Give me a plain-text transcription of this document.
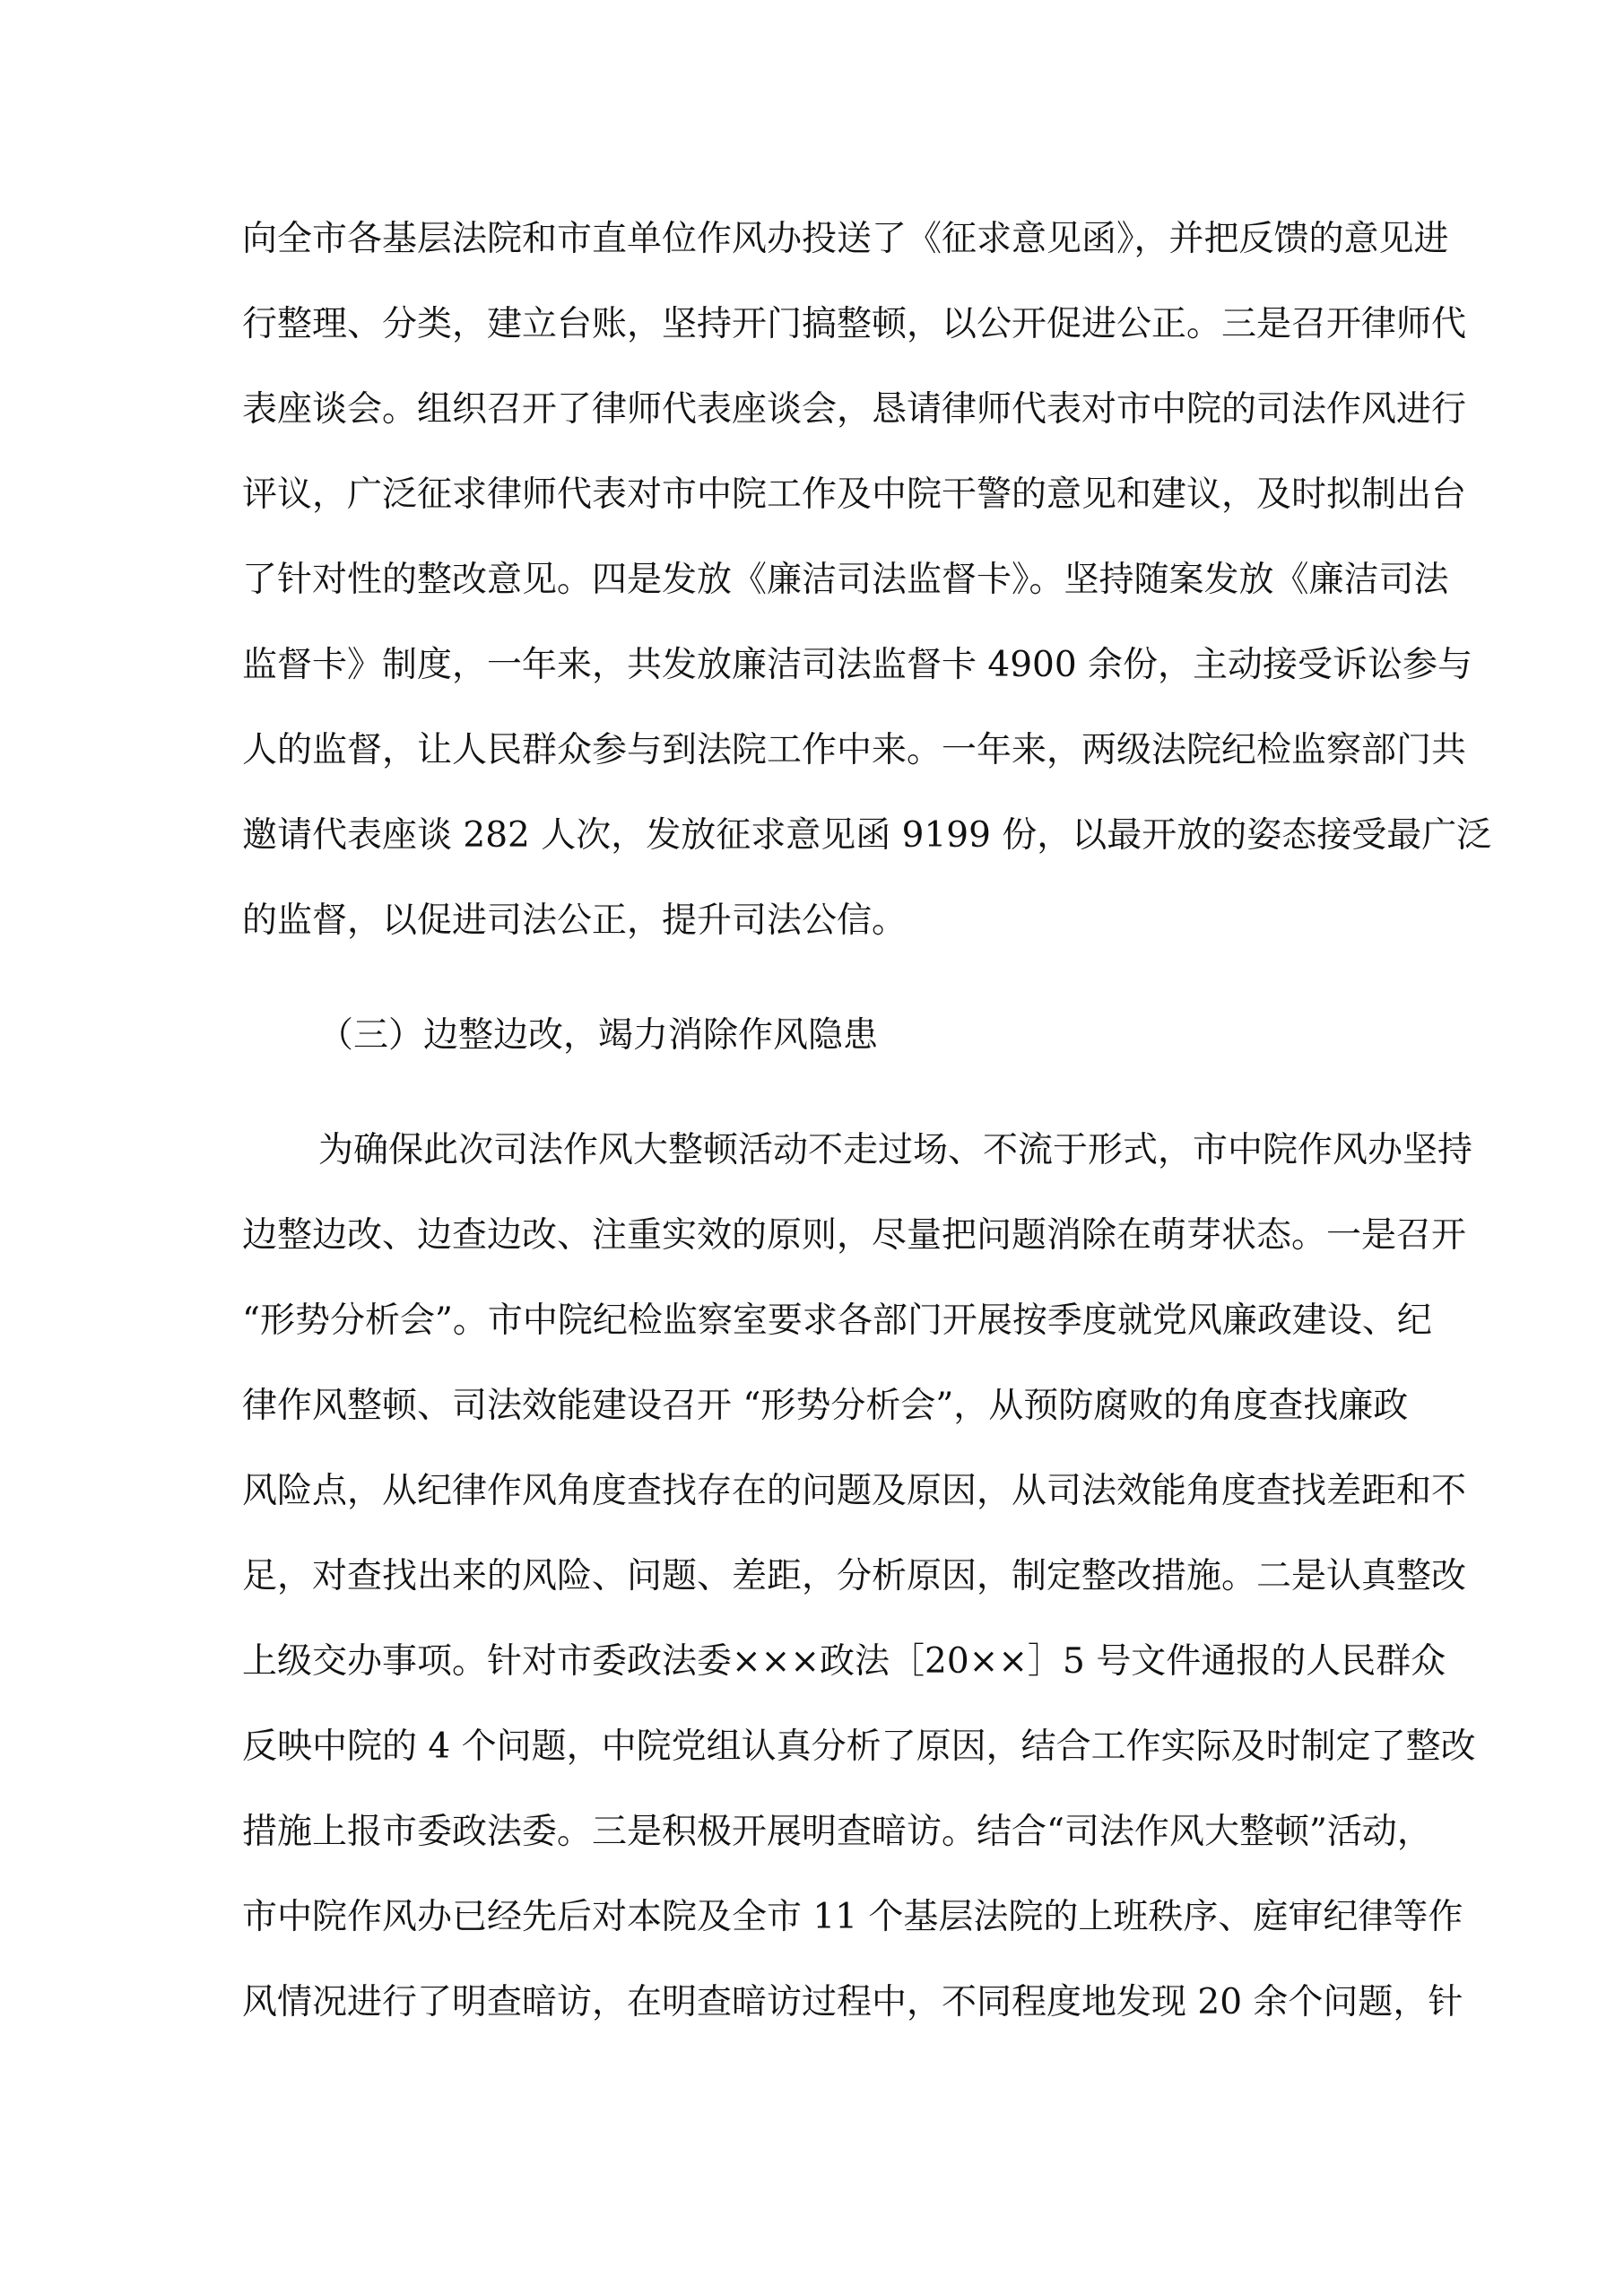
向全市各基层法院和市直单位作风办投送了《征求意见函》，并把反馈的意见进
行整理、分类，建立台账，坚持开门搞整顿，以公开促进公正。三是召开律师代
表座谈会。组织召开了律师代表座谈会，恳请律师代表对市中院的司法作风进行
评议，广泛征求律师代表对市中院工作及中院干警的意见和建议，及时拟制出台
了针对性的整改意见。四是发放《廉洁司法监督卡》。坚持随案发放《廉洁司法
监督卡》制度，一年来，共发放廉洁司法监督卡 4900 余份，主动接受诉讼参与
人的监督，让人民群众参与到法院工作中来。一年来，两级法院纪检监察部门共
邀请代表座谈 282 人次，发放征求意见函 9199 份，以最开放的姿态接受最广泛
的监督，以促进司法公正，提升司法公信。
（三）边整边改，竭力消除作风隐患
为确保此次司法作风大整顿活动不走过场、不流于形式，市中院作风办坚持
边整边改、边查边改、注重实效的原则，尽量把问题消除在萌芽状态。一是召开
“形势分析会”。市中院纪检监察室要求各部门开展按季度就党风廉政建设、纪
律作风整顿、司法效能建设召开 “形势分析会”，从预防腐败的角度查找廉政
风险点，从纪律作风角度查找存在的问题及原因，从司法效能角度查找差距和不
足，对查找出来的风险、问题、差距，分析原因，制定整改措施。二是认真整改
上级交办事项。针对市委政法委×××政法［20××］5 号文件通报的人民群众
反映中院的 4 个问题，中院党组认真分析了原因，结合工作实际及时制定了整改
措施上报市委政法委。三是积极开展明查暗访。结合“司法作风大整顿”活动，
市中院作风办已经先后对本院及全市 11 个基层法院的上班秩序、庭审纪律等作
风情况进行了明查暗访，在明查暗访过程中，不同程度地发现 20 余个问题，针
